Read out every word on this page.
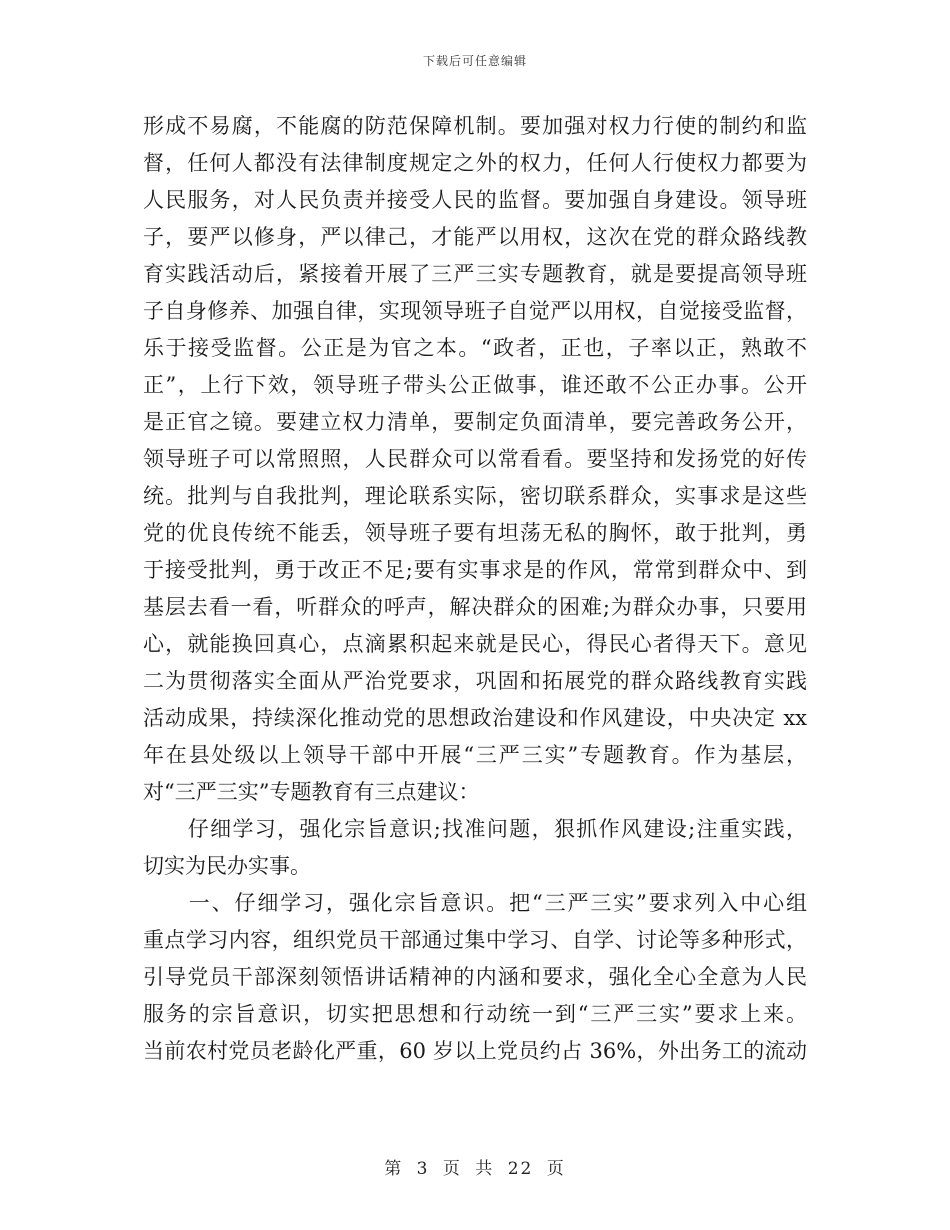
下载后可任意编辑
形成不易腐，不能腐的防范保障机制。要加强对权力行使的制约和监
督，任何人都没有法律制度规定之外的权力，任何人行使权力都要为
人民服务，对人民负责并接受人民的监督。要加强自身建设。领导班
子，要严以修身，严以律己，才能严以用权，这次在党的群众路线教
育实践活动后，紧接着开展了三严三实专题教育，就是要提高领导班
子自身修养、加强自律，实现领导班子自觉严以用权，自觉接受监督，
乐于接受监督。公正是为官之本。“政者，正也，子率以正，熟敢不
正”，上行下效，领导班子带头公正做事，谁还敢不公正办事。公开
是正官之镜。要建立权力清单，要制定负面清单，要完善政务公开，
领导班子可以常照照，人民群众可以常看看。要坚持和发扬党的好传
统。批判与自我批判，理论联系实际，密切联系群众，实事求是这些
党的优良传统不能丢，领导班子要有坦荡无私的胸怀，敢于批判，勇
于接受批判，勇于改正不足;要有实事求是的作风，常常到群众中、到
基层去看一看，听群众的呼声，解决群众的困难;为群众办事，只要用
心，就能换回真心，点滴累积起来就是民心，得民心者得天下。意见
二为贯彻落实全面从严治党要求，巩固和拓展党的群众路线教育实践
活动成果，持续深化推动党的思想政治建设和作风建设，中央决定 xx
年在县处级以上领导干部中开展“三严三实”专题教育。作为基层，
对“三严三实”专题教育有三点建议：
　　仔细学习，强化宗旨意识;找准问题，狠抓作风建设;注重实践，
切实为民办实事。
　　一、仔细学习，强化宗旨意识。把“三严三实”要求列入中心组
重点学习内容，组织党员干部通过集中学习、自学、讨论等多种形式，
引导党员干部深刻领悟讲话精神的内涵和要求，强化全心全意为人民
服务的宗旨意识，切实把思想和行动统一到“三严三实”要求上来。
当前农村党员老龄化严重，60 岁以上党员约占 36%，外出务工的流动
第 3 页 共 22 页
